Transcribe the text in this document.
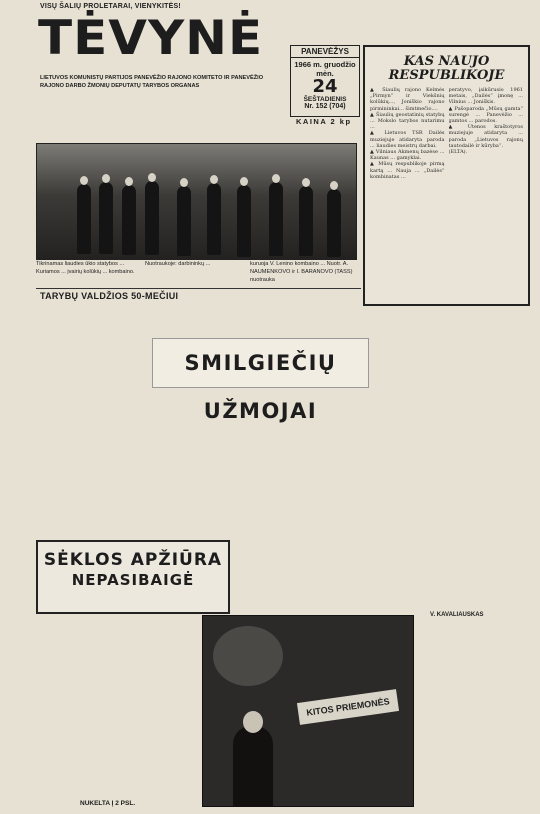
VISŲ ŠALIŲ PROLETARAI, VIENYKITĖS!
TĖVYNĖ
LIETUVOS KOMUNISTŲ PARTIJOS PANEVĖŽIO RAJONO KOMITETO IR PANEVĖŽIO RAJONO DARBO ŽMONIŲ DEPUTATŲ TARYBOS ORGANAS
PANEVĖŽYS
1966 m. gruodžio mėn.
24
ŠEŠTADIENIS
Nr. 152 (704)
KAINA 2 kp
KAS NAUJO
RESPUBLIKOJE
▲ Šiaulių rajono Kelmės „Pirmyn“ ir Viekšnių kolūkių..., Joniškio rajono pirmininkai... šimtmečio....
▲ Šiaulių geostatinių statybų ... Mokslo tarybos nutarimu ...
▲ Lietuvos TSR Dailės muziejuje atidaryta paroda ... liaudies meistrų darbai.
▲ Vilniaus Akmenų bazėse ... Kaunas ... gamyklai.
▲ Mūsų respublikoje pirmą kartą ... Nauja ... „Dailės“ kombinatas ...
peratyvo, įsikūrusio 1961 metais, „Dailės“ įmonę ... Vilnius ... Joniškis.
▲ Pašoparoda „Mūsų gamta“ surengė ... Panevėžio ... gamtos ... parodos.
▲ Utenos kraštotyros muziejuje atidaryta ... paroda „Lietuvos rajonų tautodailė ir kūryba“.
(ELTA).
Tikrinamas liaudies ūkio statybos ... Kuriamos ... įvairių kolūkių ... kombaino.
Nuotraukoje: darbininkų ...	kuruoja V. Lenino kombaino ... Nuotr. A. NAUMENKOVO ir I. BARANOVO (TASS) nuotrauka
TARYBŲ VALDŽIOS 50-MEČIUI
SMILGIEČIŲ UŽMOJAI
SĖKLOS APŽIŪRA
NEPASIBAIGĖ
KITOS PRIEMONĖS
V. KAVALIAUSKAS
NUKELTA Į 2 PSL.
